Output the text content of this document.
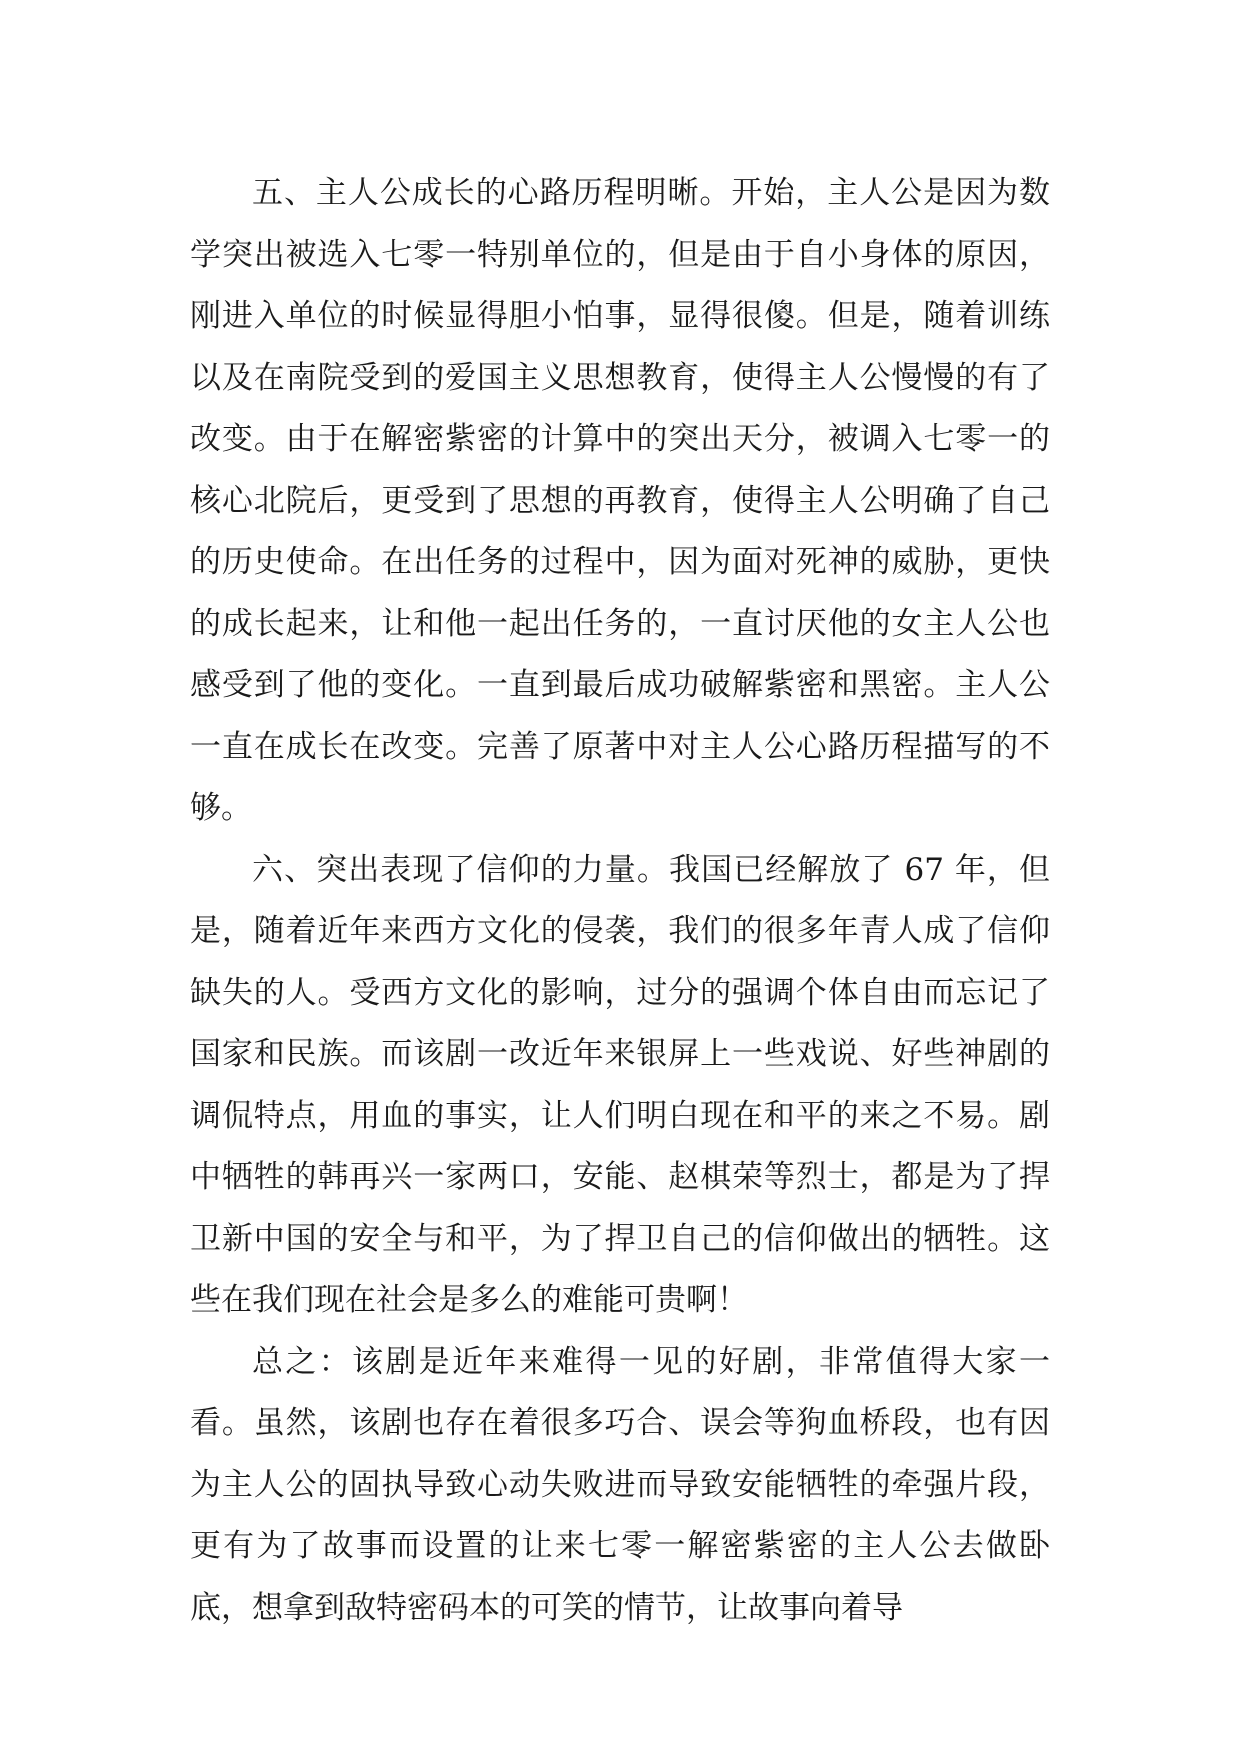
五、主人公成长的心路历程明晰。开始，主人公是因为数学突出被选入七零一特别单位的，但是由于自小身体的原因，刚进入单位的时候显得胆小怕事，显得很傻。但是，随着训练以及在南院受到的爱国主义思想教育，使得主人公慢慢的有了改变。由于在解密紫密的计算中的突出天分，被调入七零一的核心北院后，更受到了思想的再教育，使得主人公明确了自己的历史使命。在出任务的过程中，因为面对死神的威胁，更快的成长起来，让和他一起出任务的，一直讨厌他的女主人公也感受到了他的变化。一直到最后成功破解紫密和黑密。主人公一直在成长在改变。完善了原著中对主人公心路历程描写的不够。

六、突出表现了信仰的力量。我国已经解放了 67 年，但是，随着近年来西方文化的侵袭，我们的很多年青人成了信仰缺失的人。受西方文化的影响，过分的强调个体自由而忘记了国家和民族。而该剧一改近年来银屏上一些戏说、好些神剧的调侃特点，用血的事实，让人们明白现在和平的来之不易。剧中牺牲的韩再兴一家两口，安能、赵棋荣等烈士，都是为了捍卫新中国的安全与和平，为了捍卫自己的信仰做出的牺牲。这些在我们现在社会是多么的难能可贵啊！

总之：该剧是近年来难得一见的好剧，非常值得大家一看。虽然，该剧也存在着很多巧合、误会等狗血桥段，也有因为主人公的固执导致心动失败进而导致安能牺牲的牵强片段，更有为了故事而设置的让来七零一解密紫密的主人公去做卧底，想拿到敌特密码本的可笑的情节，让故事向着导
